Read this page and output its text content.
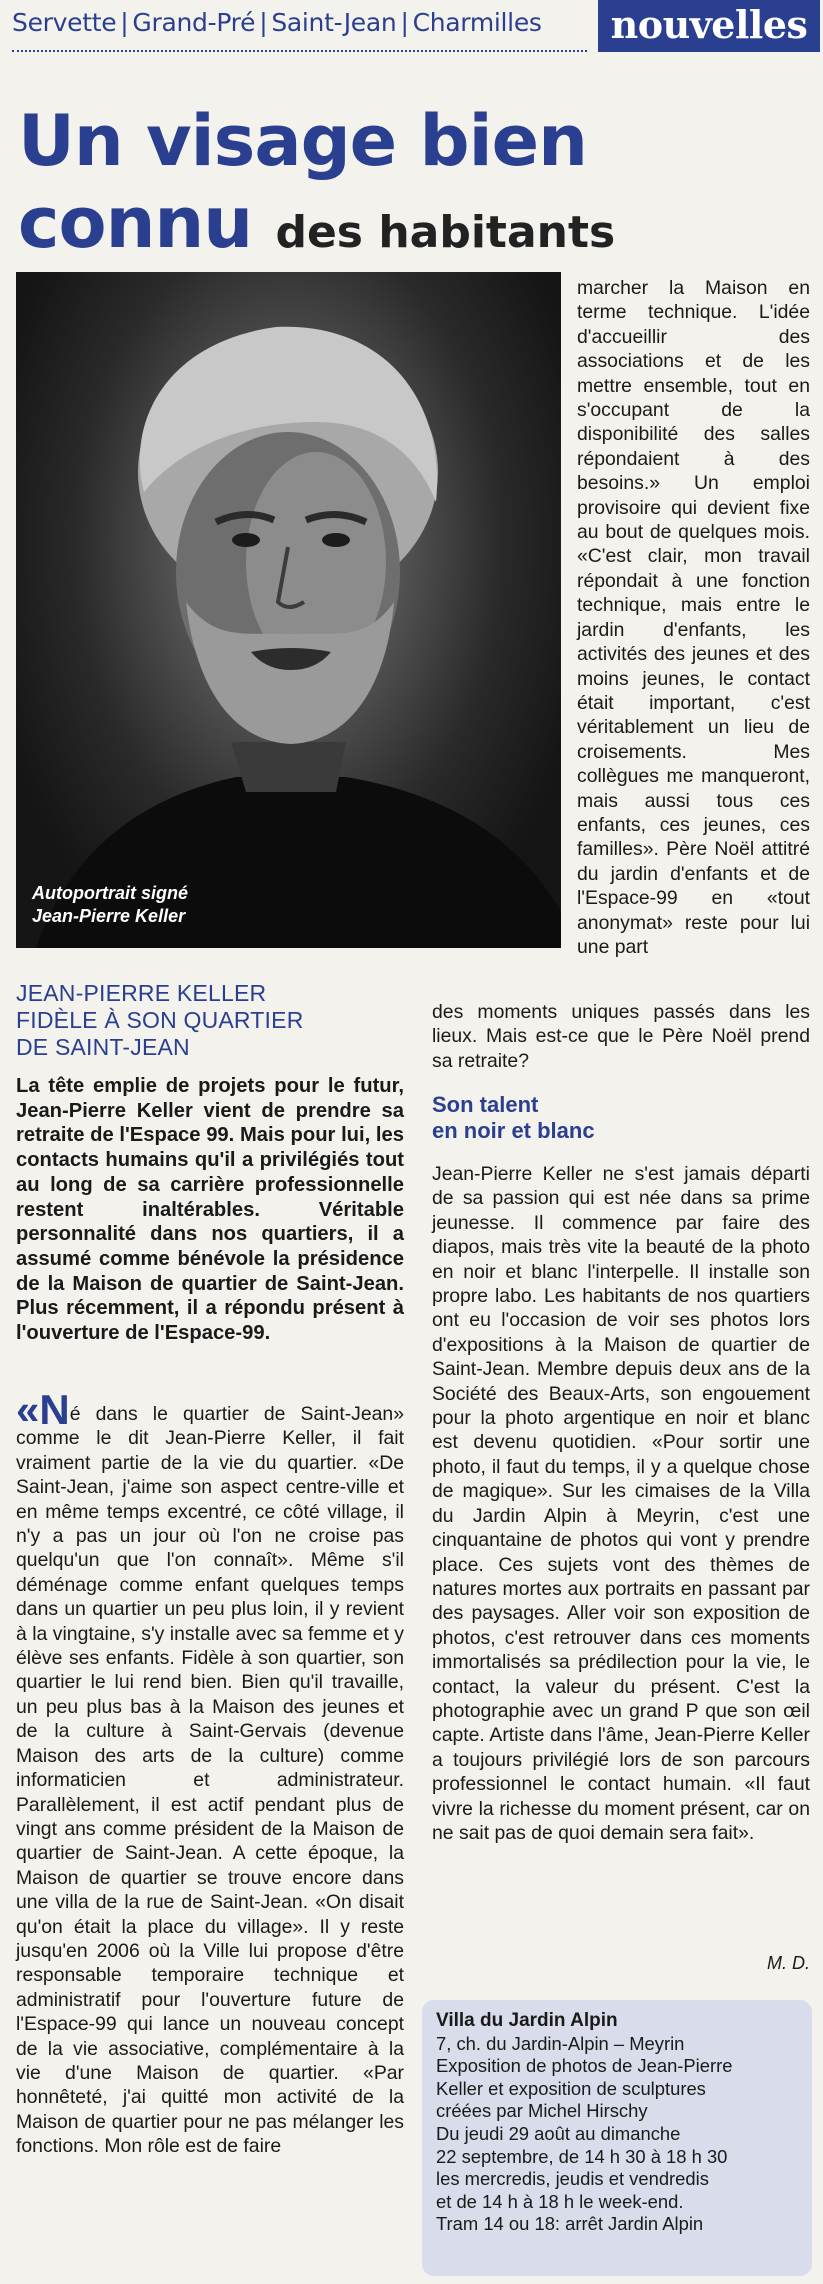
Servette | Grand-Pré | Saint-Jean | Charmilles	nouvelles
Un visage bien
connu des habitants
Autoportrait signé Jean-Pierre Keller

marcher la Maison en terme technique. L'idée d'accueillir des associations et de les mettre ensemble, tout en s'occupant de la disponibilité des salles répondaient à des besoins.» Un emploi provisoire qui devient fixe au bout de quelques mois. «C'est clair, mon travail répondait à une fonction technique, mais entre le jardin d'enfants, les activités des jeunes et des moins jeunes, le contact était important, c'est véritablement un lieu de croisements. Mes collègues me manqueront, mais aussi tous ces enfants, ces jeunes, ces familles». Père Noël attitré du jardin d'enfants et de l'Espace-99 en «tout anonymat» reste pour lui une part

JEAN-PIERRE KELLER
FIDÈLE À SON QUARTIER
DE SAINT-JEAN

des moments uniques passés dans les lieux. Mais est-ce que le Père Noël prend sa retraite?

La tête emplie de projets pour le futur, Jean-Pierre Keller vient de prendre sa retraite de l'Espace 99. Mais pour lui, les contacts humains qu'il a privilégiés tout au long de sa carrière professionnelle restent inaltérables. Véritable personnalité dans nos quartiers, il a assumé comme bénévole la présidence de la Maison de quartier de Saint-Jean. Plus récemment, il a répondu présent à l'ouverture de l'Espace-99.

«Né dans le quartier de Saint-Jean» comme le dit Jean-Pierre Keller, il fait vraiment partie de la vie du quartier. «De Saint-Jean, j'aime son aspect centre-ville et en même temps excentré, ce côté village, il n'y a pas un jour où l'on ne croise pas quelqu'un que l'on connaît». Même s'il déménage comme enfant quelques temps dans un quartier un peu plus loin, il y revient à la vingtaine, s'y installe avec sa femme et y élève ses enfants. Fidèle à son quartier, son quartier le lui rend bien. Bien qu'il travaille, un peu plus bas à la Maison des jeunes et de la culture à Saint-Gervais (devenue Maison des arts de la culture) comme informaticien et administrateur. Parallèlement, il est actif pendant plus de vingt ans comme président de la Maison de quartier de Saint-Jean. A cette époque, la Maison de quartier se trouve encore dans une villa de la rue de Saint-Jean. «On disait qu'on était la place du village». Il y reste jusqu'en 2006 où la Ville lui propose d'être responsable temporaire technique et administratif pour l'ouverture future de l'Espace-99 qui lance un nouveau concept de la vie associative, complémentaire à la vie d'une Maison de quartier. «Par honnêteté, j'ai quitté mon activité de la Maison de quartier pour ne pas mélanger les fonctions. Mon rôle est de faire

Son talent
en noir et blanc

Jean-Pierre Keller ne s'est jamais départi de sa passion qui est née dans sa prime jeunesse. Il commence par faire des diapos, mais très vite la beauté de la photo en noir et blanc l'interpelle. Il installe son propre labo. Les habitants de nos quartiers ont eu l'occasion de voir ses photos lors d'expositions à la Maison de quartier de Saint-Jean. Membre depuis deux ans de la Société des Beaux-Arts, son engouement pour la photo argentique en noir et blanc est devenu quotidien. «Pour sortir une photo, il faut du temps, il y a quelque chose de magique». Sur les cimaises de la Villa du Jardin Alpin à Meyrin, c'est une cinquantaine de photos qui vont y prendre place. Ces sujets vont des thèmes de natures mortes aux portraits en passant par des paysages. Aller voir son exposition de photos, c'est retrouver dans ces moments immortalisés sa prédilection pour la vie, le contact, la valeur du présent. C'est la photographie avec un grand P que son œil capte. Artiste dans l'âme, Jean-Pierre Keller a toujours privilégié lors de son parcours professionnel le contact humain. «Il faut vivre la richesse du moment présent, car on ne sait pas de quoi demain sera fait».

M. D.
Villa du Jardin Alpin
7, ch. du Jardin-Alpin – Meyrin
Exposition de photos de Jean-Pierre
Keller et exposition de sculptures
créées par Michel Hirschy
Du jeudi 29 août au dimanche
22 septembre, de 14 h 30 à 18 h 30
les mercredis, jeudis et vendredis
et de 14 h à 18 h le week-end.
Tram 14 ou 18: arrêt Jardin Alpin
